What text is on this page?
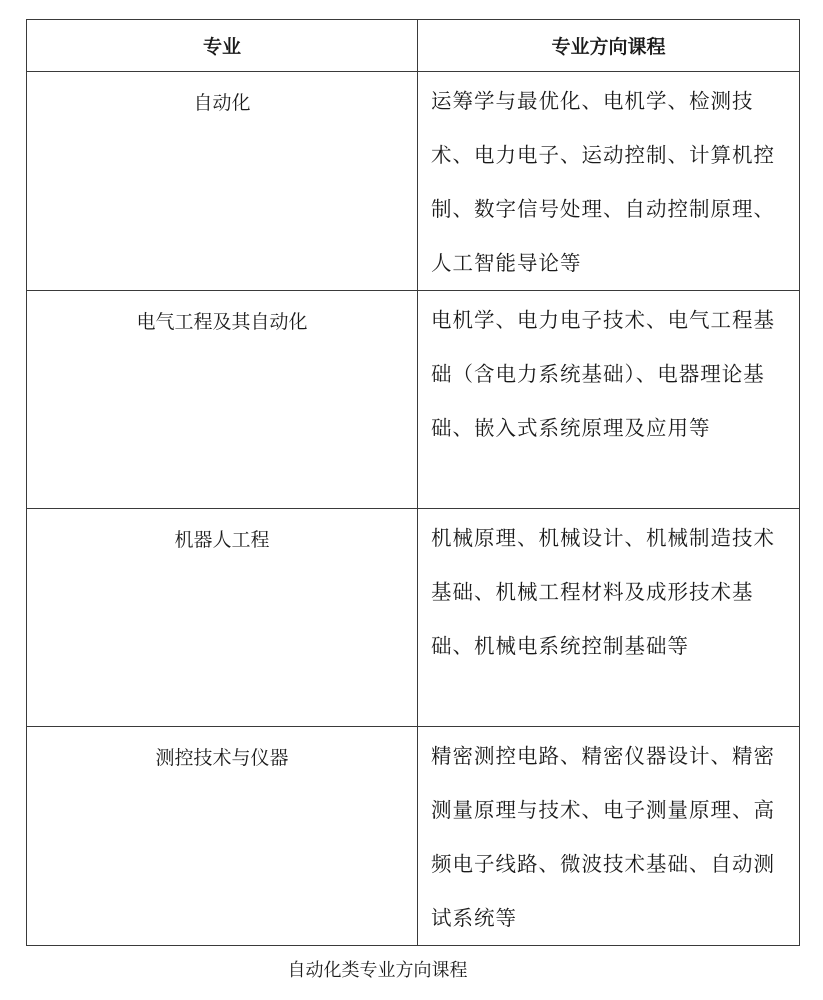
专业	专业方向课程
自动化	运筹学与最优化、电机学、检测技术、电力电子、运动控制、计算机控制、数字信号处理、自动控制原理、人工智能导论等
电气工程及其自动化	电机学、电力电子技术、电气工程基础（含电力系统基础）、电器理论基础、嵌入式系统原理及应用等
机器人工程	机械原理、机械设计、机械制造技术基础、机械工程材料及成形技术基础、机械电系统控制基础等
测控技术与仪器	精密测控电路、精密仪器设计、精密测量原理与技术、电子测量原理、高频电子线路、微波技术基础、自动测试系统等
自动化类专业方向课程
